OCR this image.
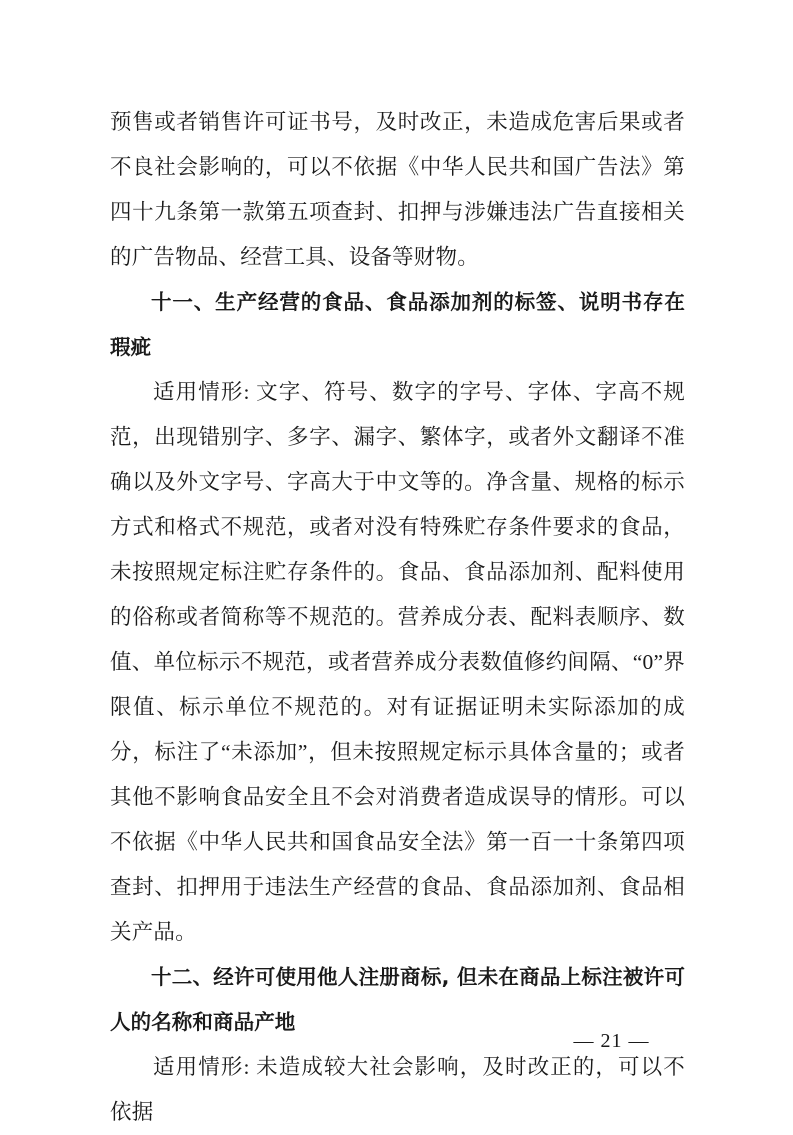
预售或者销售许可证书号，及时改正，未造成危害后果或者不良社会影响的，可以不依据《中华人民共和国广告法》第四十九条第一款第五项查封、扣押与涉嫌违法广告直接相关的广告物品、经营工具、设备等财物。

十一、生产经营的食品、食品添加剂的标签、说明书存在瑕疵

适用情形: 文字、符号、数字的字号、字体、字高不规范，出现错别字、多字、漏字、繁体字，或者外文翻译不准确以及外文字号、字高大于中文等的。净含量、规格的标示方式和格式不规范，或者对没有特殊贮存条件要求的食品，未按照规定标注贮存条件的。食品、食品添加剂、配料使用的俗称或者简称等不规范的。营养成分表、配料表顺序、数值、单位标示不规范，或者营养成分表数值修约间隔、“0”界限值、标示单位不规范的。对有证据证明未实际添加的成分，标注了“未添加”，但未按照规定标示具体含量的；或者其他不影响食品安全且不会对消费者造成误导的情形。可以不依据《中华人民共和国食品安全法》第一百一十条第四项查封、扣押用于违法生产经营的食品、食品添加剂、食品相关产品。

十二、经许可使用他人注册商标, 但未在商品上标注被许可人的名称和商品产地

适用情形: 未造成较大社会影响，及时改正的，可以不依据

— 21 —
